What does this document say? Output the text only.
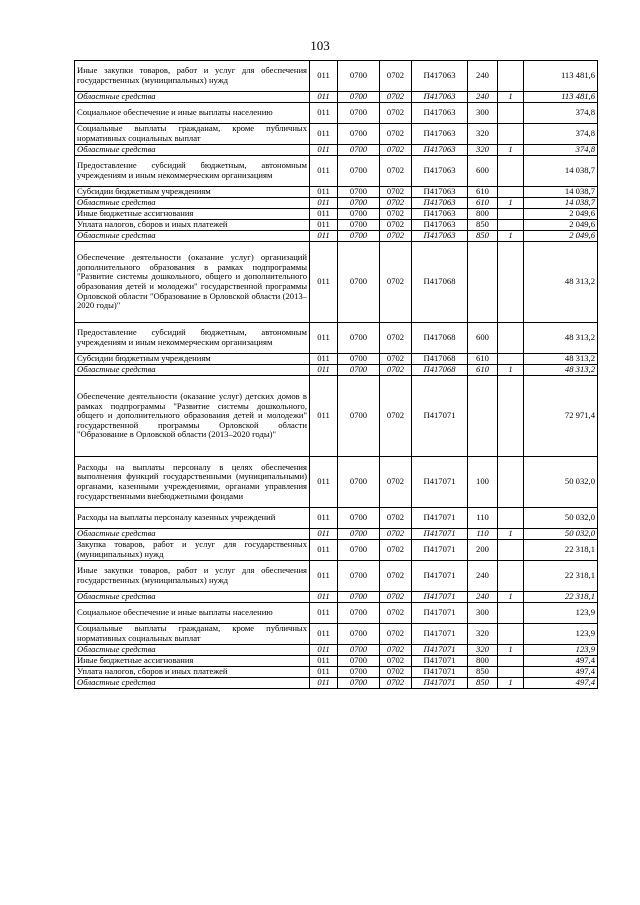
103
Иные закупки товаров, работ и услуг для обеспечения государственных (муниципальных) нужд	011	0700	0702	П417063	240		113 481,6
Областные средства	011	0700	0702	П417063	240	1	113 481,6
Социальное обеспечение и иные выплаты населению	011	0700	0702	П417063	300		374,8
Социальные выплаты гражданам, кроме публичных нормативных социальных выплат	011	0700	0702	П417063	320		374,8
Областные средства	011	0700	0702	П417063	320	1	374,8
Предоставление субсидий бюджетным, автономным учреждениям и иным некоммерческим организациям	011	0700	0702	П417063	600		14 038,7
Субсидии бюджетным учреждениям	011	0700	0702	П417063	610		14 038,7
Областные средства	011	0700	0702	П417063	610	1	14 038,7
Иные бюджетные ассигнования	011	0700	0702	П417063	800		2 049,6
Уплата налогов, сборов и иных платежей	011	0700	0702	П417063	850		2 049,6
Областные средства	011	0700	0702	П417063	850	1	2 049,6
Обеспечение деятельности (оказание услуг) организаций дополнительного образования в рамках подпрограммы "Развитие системы дошкольного, общего и дополнительного образования детей и молодежи" государственной программы Орловской области "Образование в Орловской области (2013–2020 годы)"	011	0700	0702	П417068			48 313,2
Предоставление субсидий бюджетным, автономным учреждениям и иным некоммерческим организациям	011	0700	0702	П417068	600		48 313,2
Субсидии бюджетным учреждениям	011	0700	0702	П417068	610		48 313,2
Областные средства	011	0700	0702	П417068	610	1	48 313,2
Обеспечение деятельности (оказание услуг) детских домов в рамках подпрограммы "Развитие системы дошкольного, общего и дополнительного образования детей и молодежи" государственной программы Орловской области "Образование в Орловской области (2013–2020 годы)"	011	0700	0702	П417071			72 971,4
Расходы на выплаты персоналу в целях обеспечения выполнения функций государственными (муниципальными) органами, казенными учреждениями, органами управления государственными внебюджетными фондами	011	0700	0702	П417071	100		50 032,0
Расходы на выплаты персоналу казенных учреждений	011	0700	0702	П417071	110		50 032,0
Областные средства	011	0700	0702	П417071	110	1	50 032,0
Закупка товаров, работ и услуг для государственных (муниципальных) нужд	011	0700	0702	П417071	200		22 318,1
Иные закупки товаров, работ и услуг для обеспечения государственных (муниципальных) нужд	011	0700	0702	П417071	240		22 318,1
Областные средства	011	0700	0702	П417071	240	1	22 318,1
Социальное обеспечение и иные выплаты населению	011	0700	0702	П417071	300		123,9
Социальные выплаты гражданам, кроме публичных нормативных социальных выплат	011	0700	0702	П417071	320		123,9
Областные средства	011	0700	0702	П417071	320	1	123,9
Иные бюджетные ассигнования	011	0700	0702	П417071	800		497,4
Уплата налогов, сборов и иных платежей	011	0700	0702	П417071	850		497,4
Областные средства	011	0700	0702	П417071	850	1	497,4
